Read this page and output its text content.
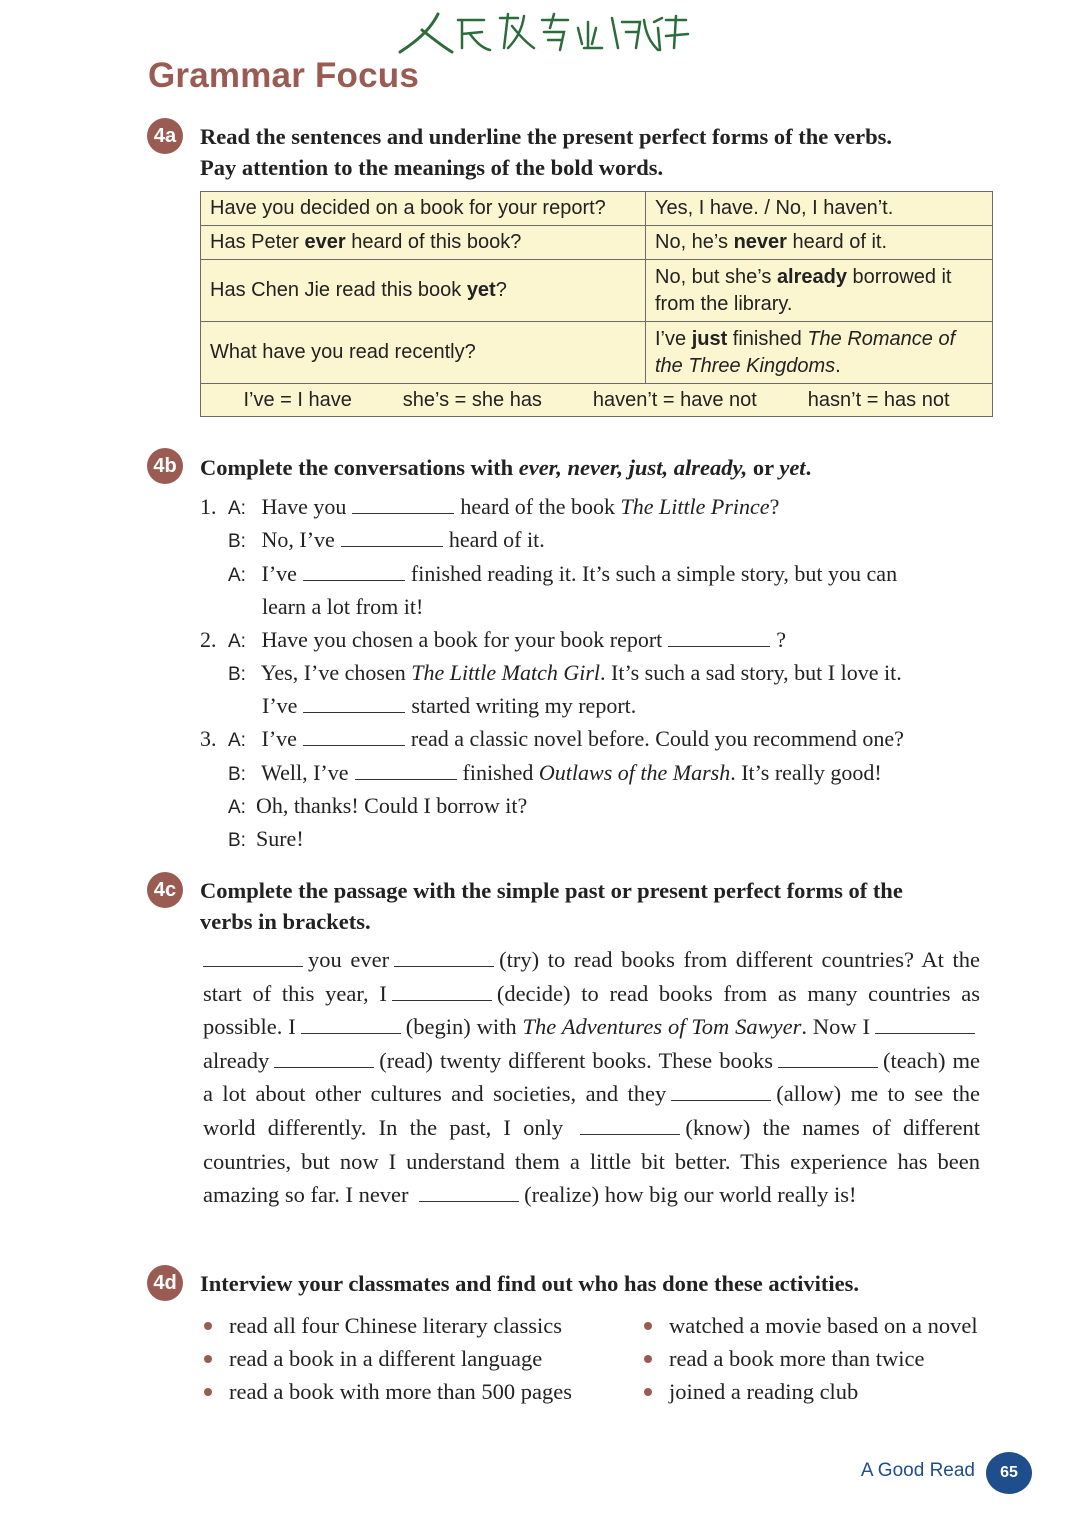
Grammar Focus
4a	Read the sentences and underline the present perfect forms of the verbs.
Pay attention to the meanings of the bold words.
Have you decided on a book for your report?	Yes, I have. / No, I haven’t.
Has Peter ever heard of this book?	No, he’s never heard of it.
Has Chen Jie read this book yet?	No, but she’s already borrowed it
from the library.
What have you read recently?	I’ve just finished The Romance of
the Three Kingdoms.

I’ve = I have she’s = she has haven’t = have not hasn’t = has not	
4b Complete the conversations with ever, never, just, already, or yet.
1. A: Have you	heard of the book The Little Prince?
B: No, I’ve	heard of it.
A: I’ve	finished reading it. It’s such a simple story, but you can
learn a lot from it!
2. A: Have you chosen a book for your book report	?
B: Yes, I’ve chosen The Little Match Girl. It’s such a sad story, but I love it.
I’ve	started writing my report.
3. A: I’ve	read a classic novel before. Could you recommend one?
B: Well, I’ve	finished Outlaws of the Marsh. It’s really good!
A: Oh, thanks! Could I borrow it?
B: Sure!
4c	Complete the passage with the simple past or present perfect forms of the
verbs in brackets.
you ever	(try) to read books from different countries? At the start of this year, I	(decide) to read books from as many countries as possible. I	(begin) with The Adventures of Tom Sawyer. Now Ialready	(read) twenty different books. These books	(teach) me a lot about other cultures and societies, and they	(allow) me to see the world differently. In the past, I only	(know) the names of different countries, but now I understand them a little bit better. This experience has been amazing so far. I never	(realize) how big our world really is!
4d Interview your classmates and find out who has done these activities.
read all four Chinese literary classics
read a book in a different language
read a book with more than 500 pages
watched a movie based on a novel
read a book more than twice
joined a reading club
A Good Read	65
